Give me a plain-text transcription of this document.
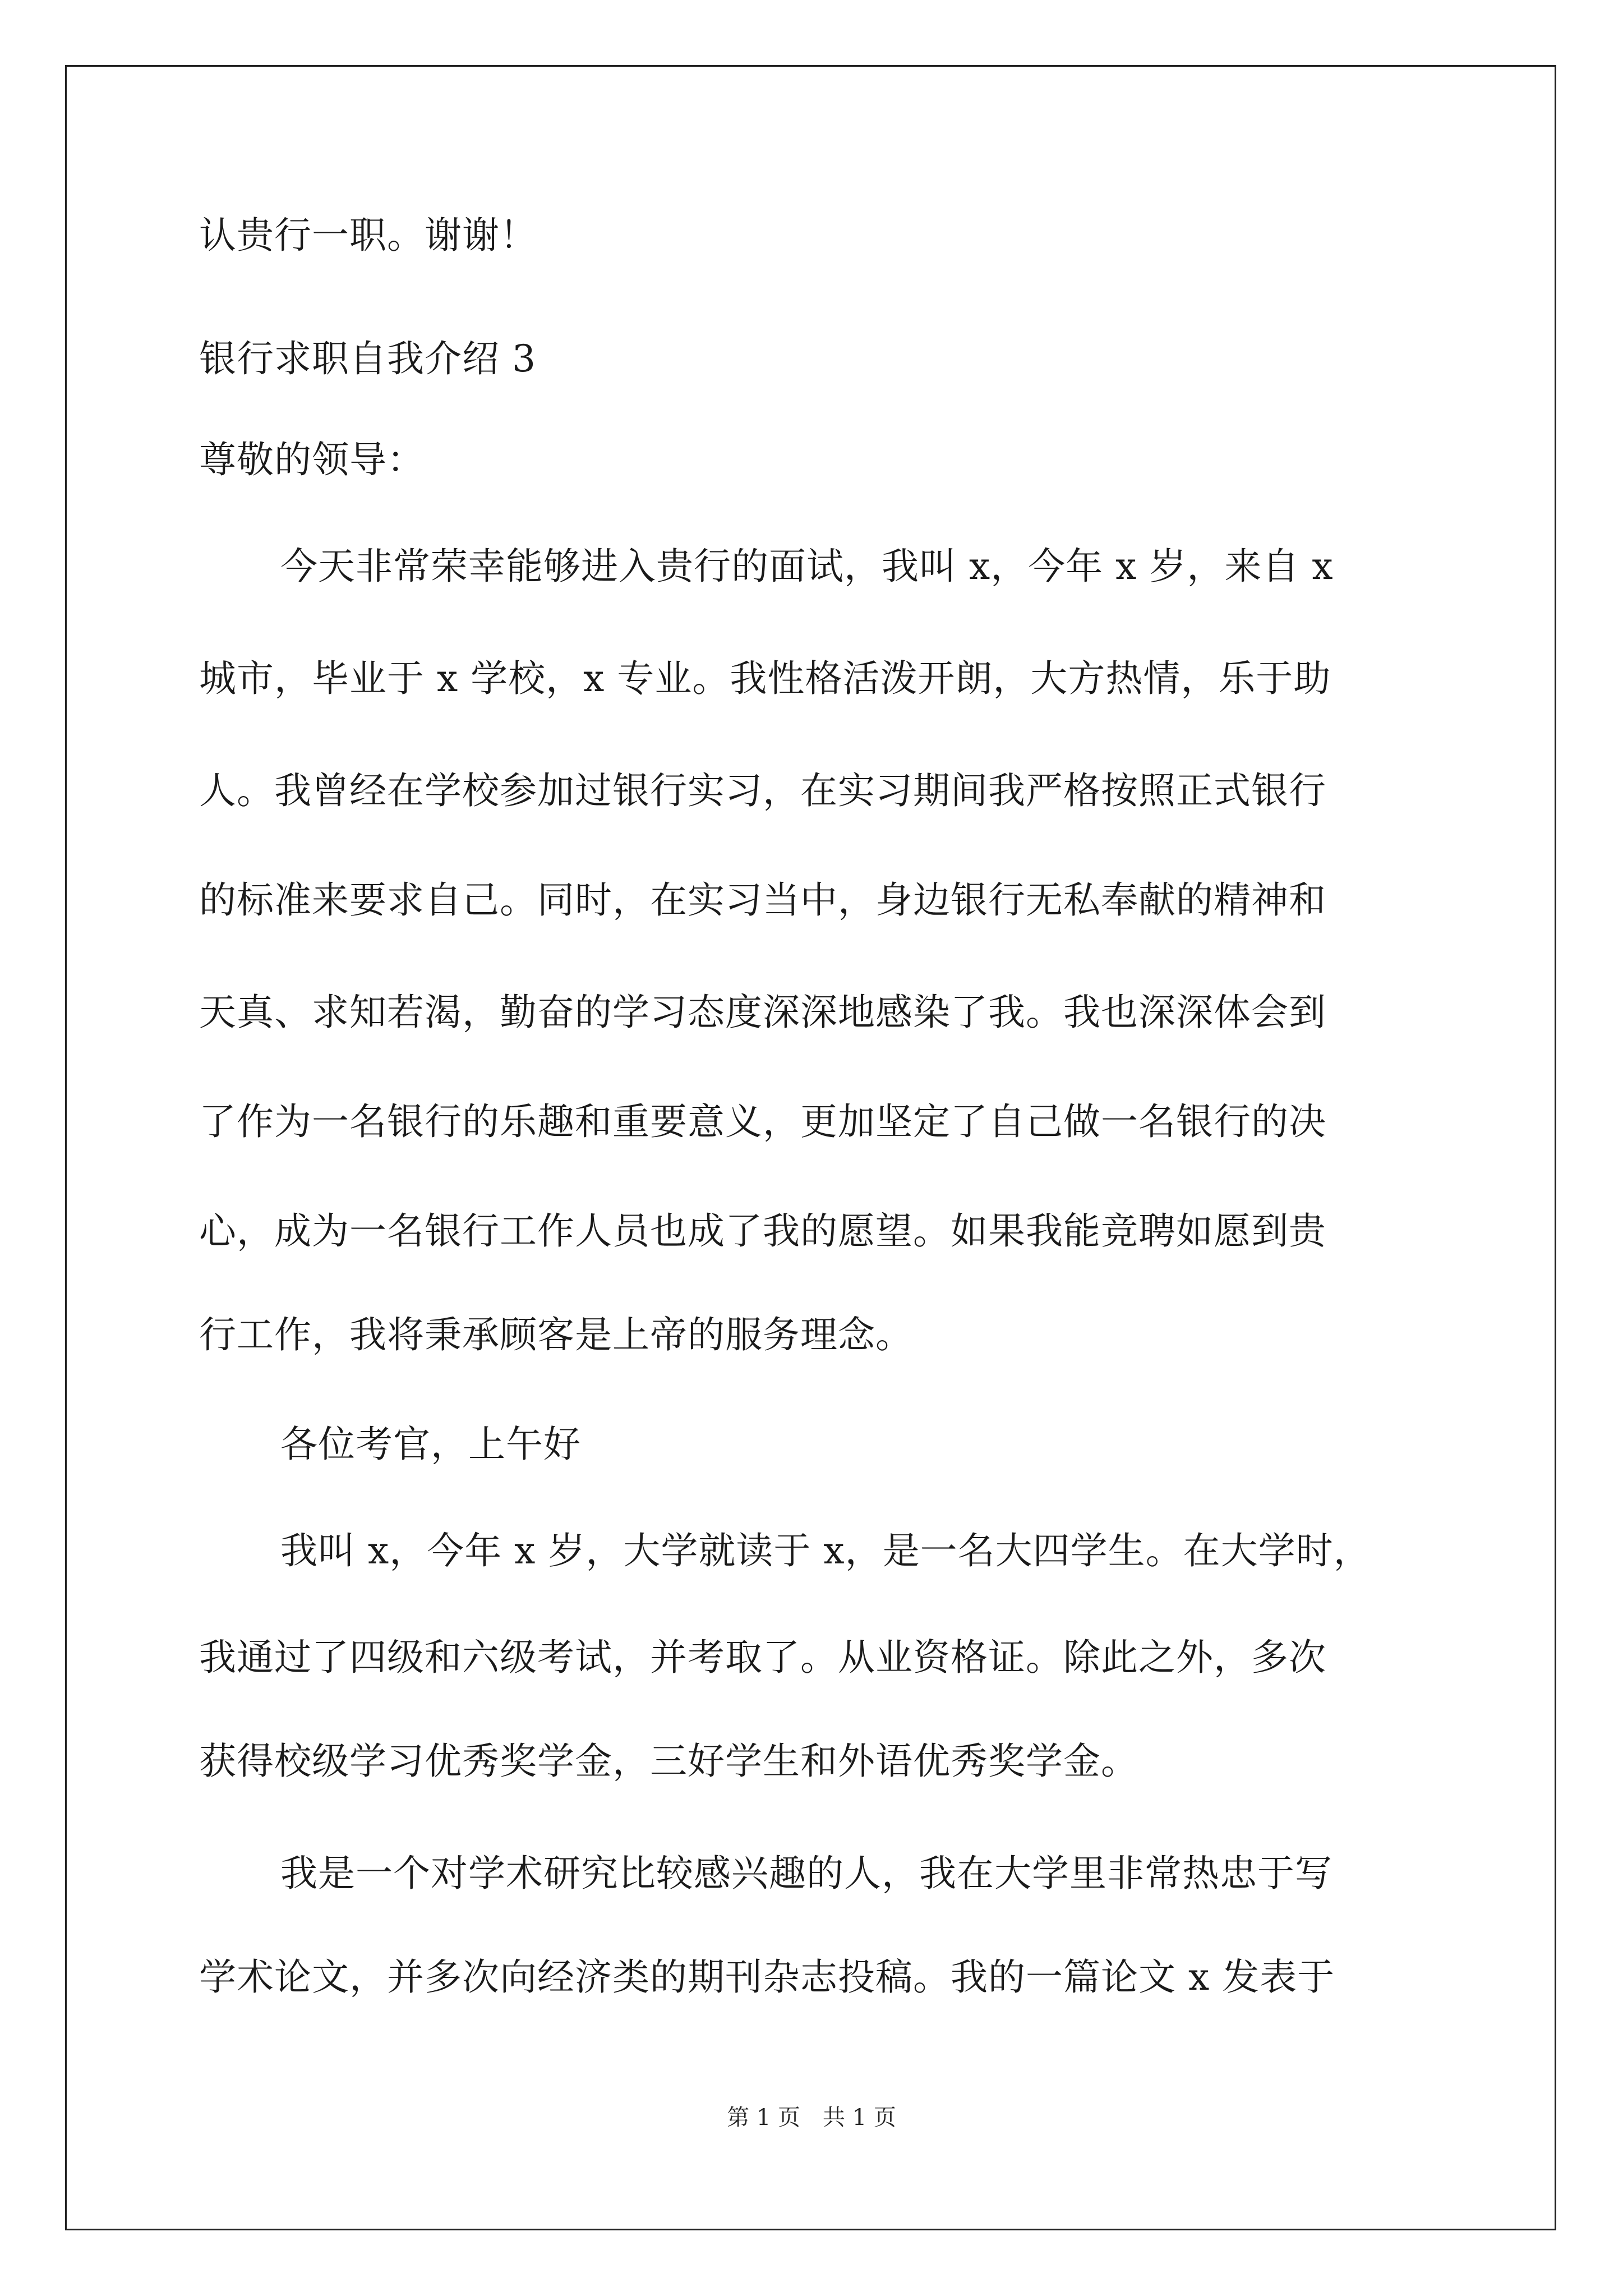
认贵行一职。谢谢！
银行求职自我介绍 3
尊敬的领导：
今天非常荣幸能够进入贵行的面试，我叫 x，今年 x 岁，来自 x
城市，毕业于 x 学校，x 专业。我性格活泼开朗，大方热情，乐于助
人。我曾经在学校参加过银行实习，在实习期间我严格按照正式银行
的标准来要求自己。同时，在实习当中，身边银行无私奉献的精神和
天真、求知若渴，勤奋的学习态度深深地感染了我。我也深深体会到
了作为一名银行的乐趣和重要意义，更加坚定了自己做一名银行的决
心，成为一名银行工作人员也成了我的愿望。如果我能竞聘如愿到贵
行工作，我将秉承顾客是上帝的服务理念。
各位考官，上午好
我叫 x，今年 x 岁，大学就读于 x，是一名大四学生。在大学时，
我通过了四级和六级考试，并考取了。从业资格证。除此之外，多次
获得校级学习优秀奖学金，三好学生和外语优秀奖学金。
我是一个对学术研究比较感兴趣的人，我在大学里非常热忠于写
学术论文，并多次向经济类的期刊杂志投稿。我的一篇论文 x 发表于
第 1 页　共 1 页
